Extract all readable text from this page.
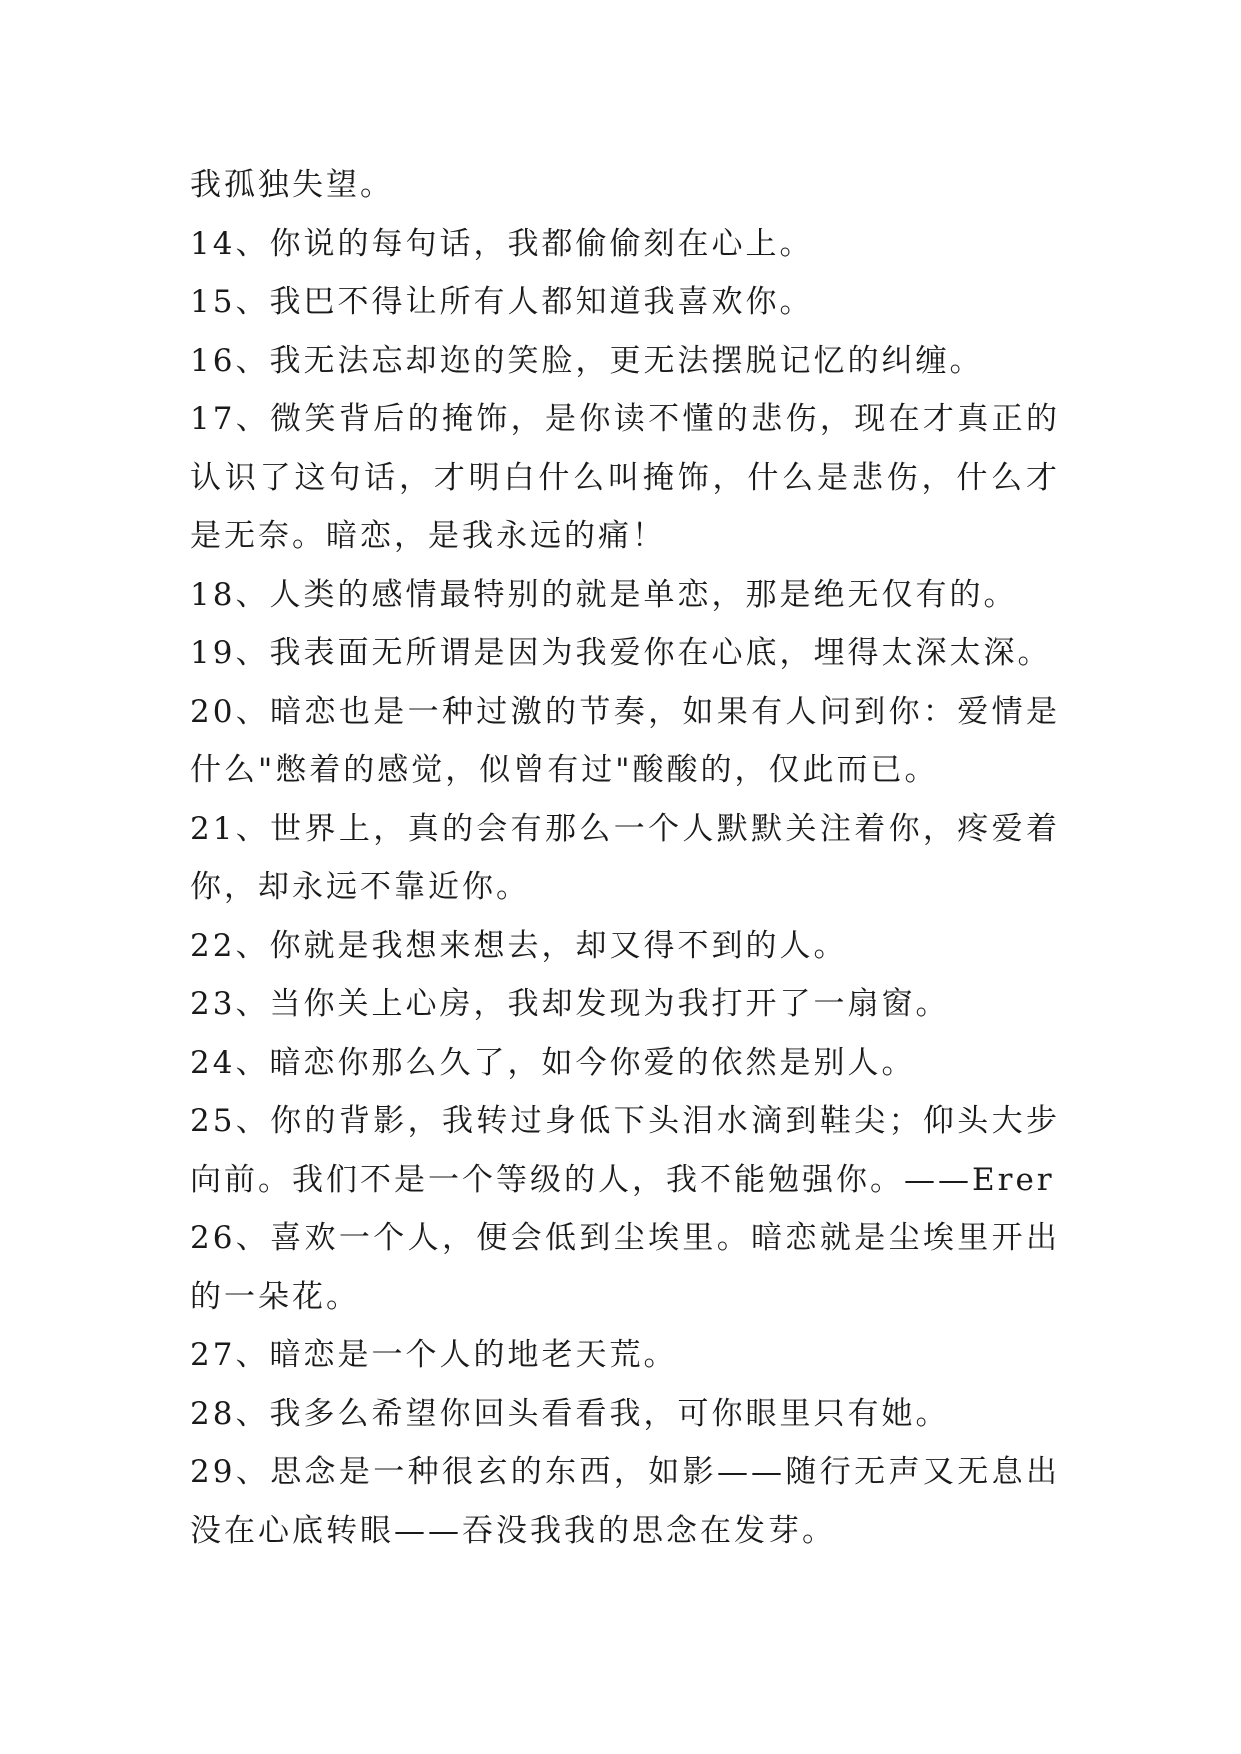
我孤独失望。

14、你说的每句话，我都偷偷刻在心上。

15、我巴不得让所有人都知道我喜欢你。

16、我无法忘却迩的笑脸，更无法摆脱记忆的纠缠。

17、微笑背后的掩饰，是你读不懂的悲伤，现在才真正的认识了这句话，才明白什么叫掩饰，什么是悲伤，什么才是无奈。暗恋，是我永远的痛！

18、人类的感情最特别的就是单恋，那是绝无仅有的。

19、我表面无所谓是因为我爱你在心底，埋得太深太深。

20、暗恋也是一种过激的节奏，如果有人问到你：爱情是什么"憋着的感觉，似曾有过"酸酸的，仅此而已。

21、世界上，真的会有那么一个人默默关注着你，疼爱着你，却永远不靠近你。

22、你就是我想来想去，却又得不到的人。

23、当你关上心房，我却发现为我打开了一扇窗。

24、暗恋你那么久了，如今你爱的依然是别人。

25、你的背影，我转过身低下头泪水滴到鞋尖；仰头大步向前。我们不是一个等级的人，我不能勉强你。——Erer

26、喜欢一个人，便会低到尘埃里。暗恋就是尘埃里开出的一朵花。

27、暗恋是一个人的地老天荒。

28、我多么希望你回头看看我，可你眼里只有她。

29、思念是一种很玄的东西，如影——随行无声又无息出没在心底转眼——吞没我我的思念在发芽。
